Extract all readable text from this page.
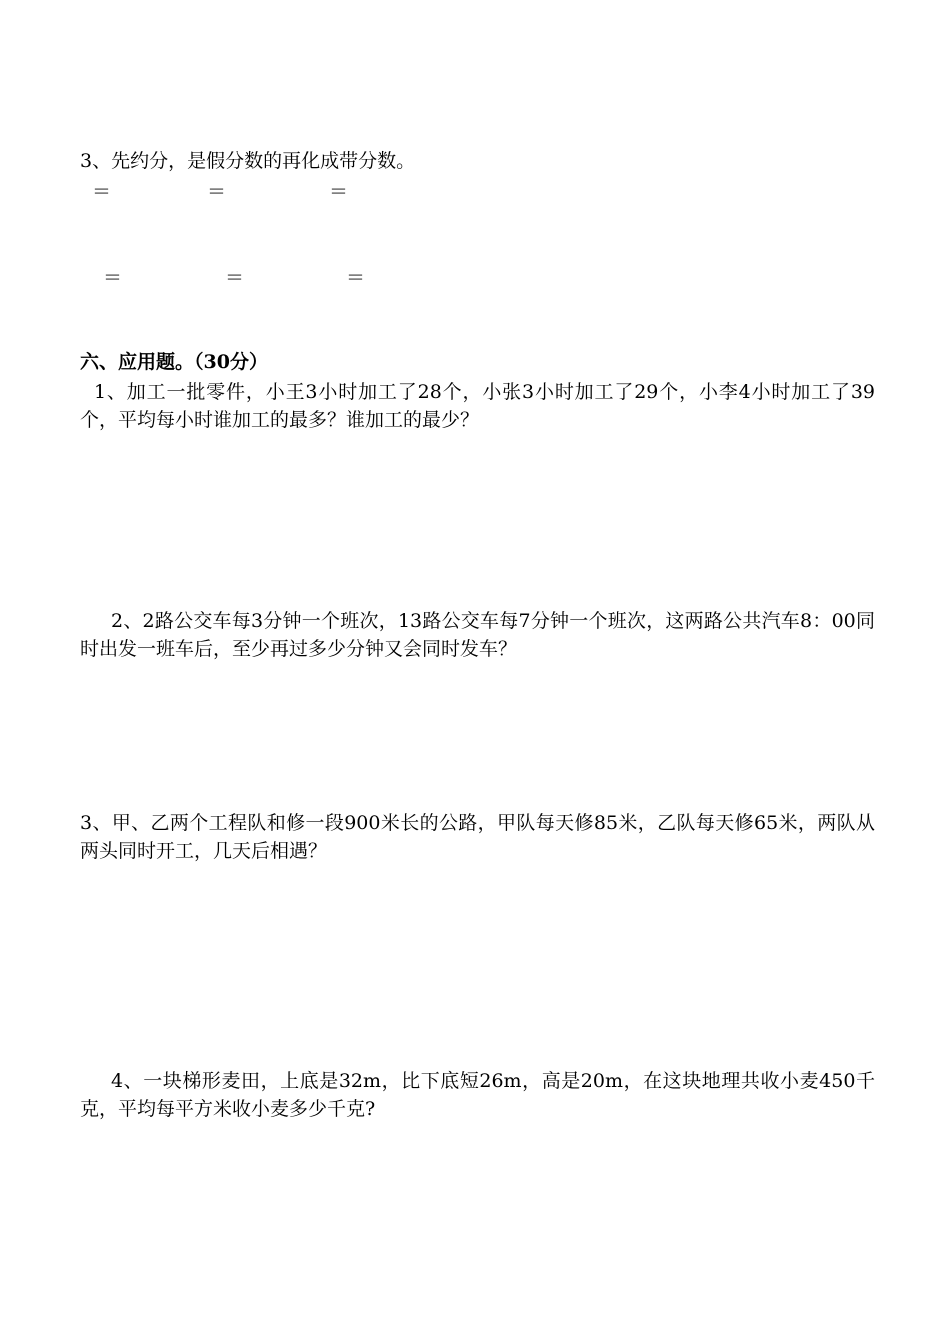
3、先约分，是假分数的再化成带分数。
＝	＝	＝
＝	＝	＝
六、应用题。（30分）
1、加工一批零件，小王3小时加工了28个，小张3小时加工了29个，小李4小时加工了39个，平均每小时谁加工的最多？谁加工的最少？
2、2路公交车每3分钟一个班次，13路公交车每7分钟一个班次，这两路公共汽车8：00同时出发一班车后，至少再过多少分钟又会同时发车？
3、甲、乙两个工程队和修一段900米长的公路，甲队每天修85米，乙队每天修65米，两队从两头同时开工，几天后相遇？
4、一块梯形麦田，上底是32m，比下底短26m，高是20m，在这块地理共收小麦450千克，平均每平方米收小麦多少千克?
